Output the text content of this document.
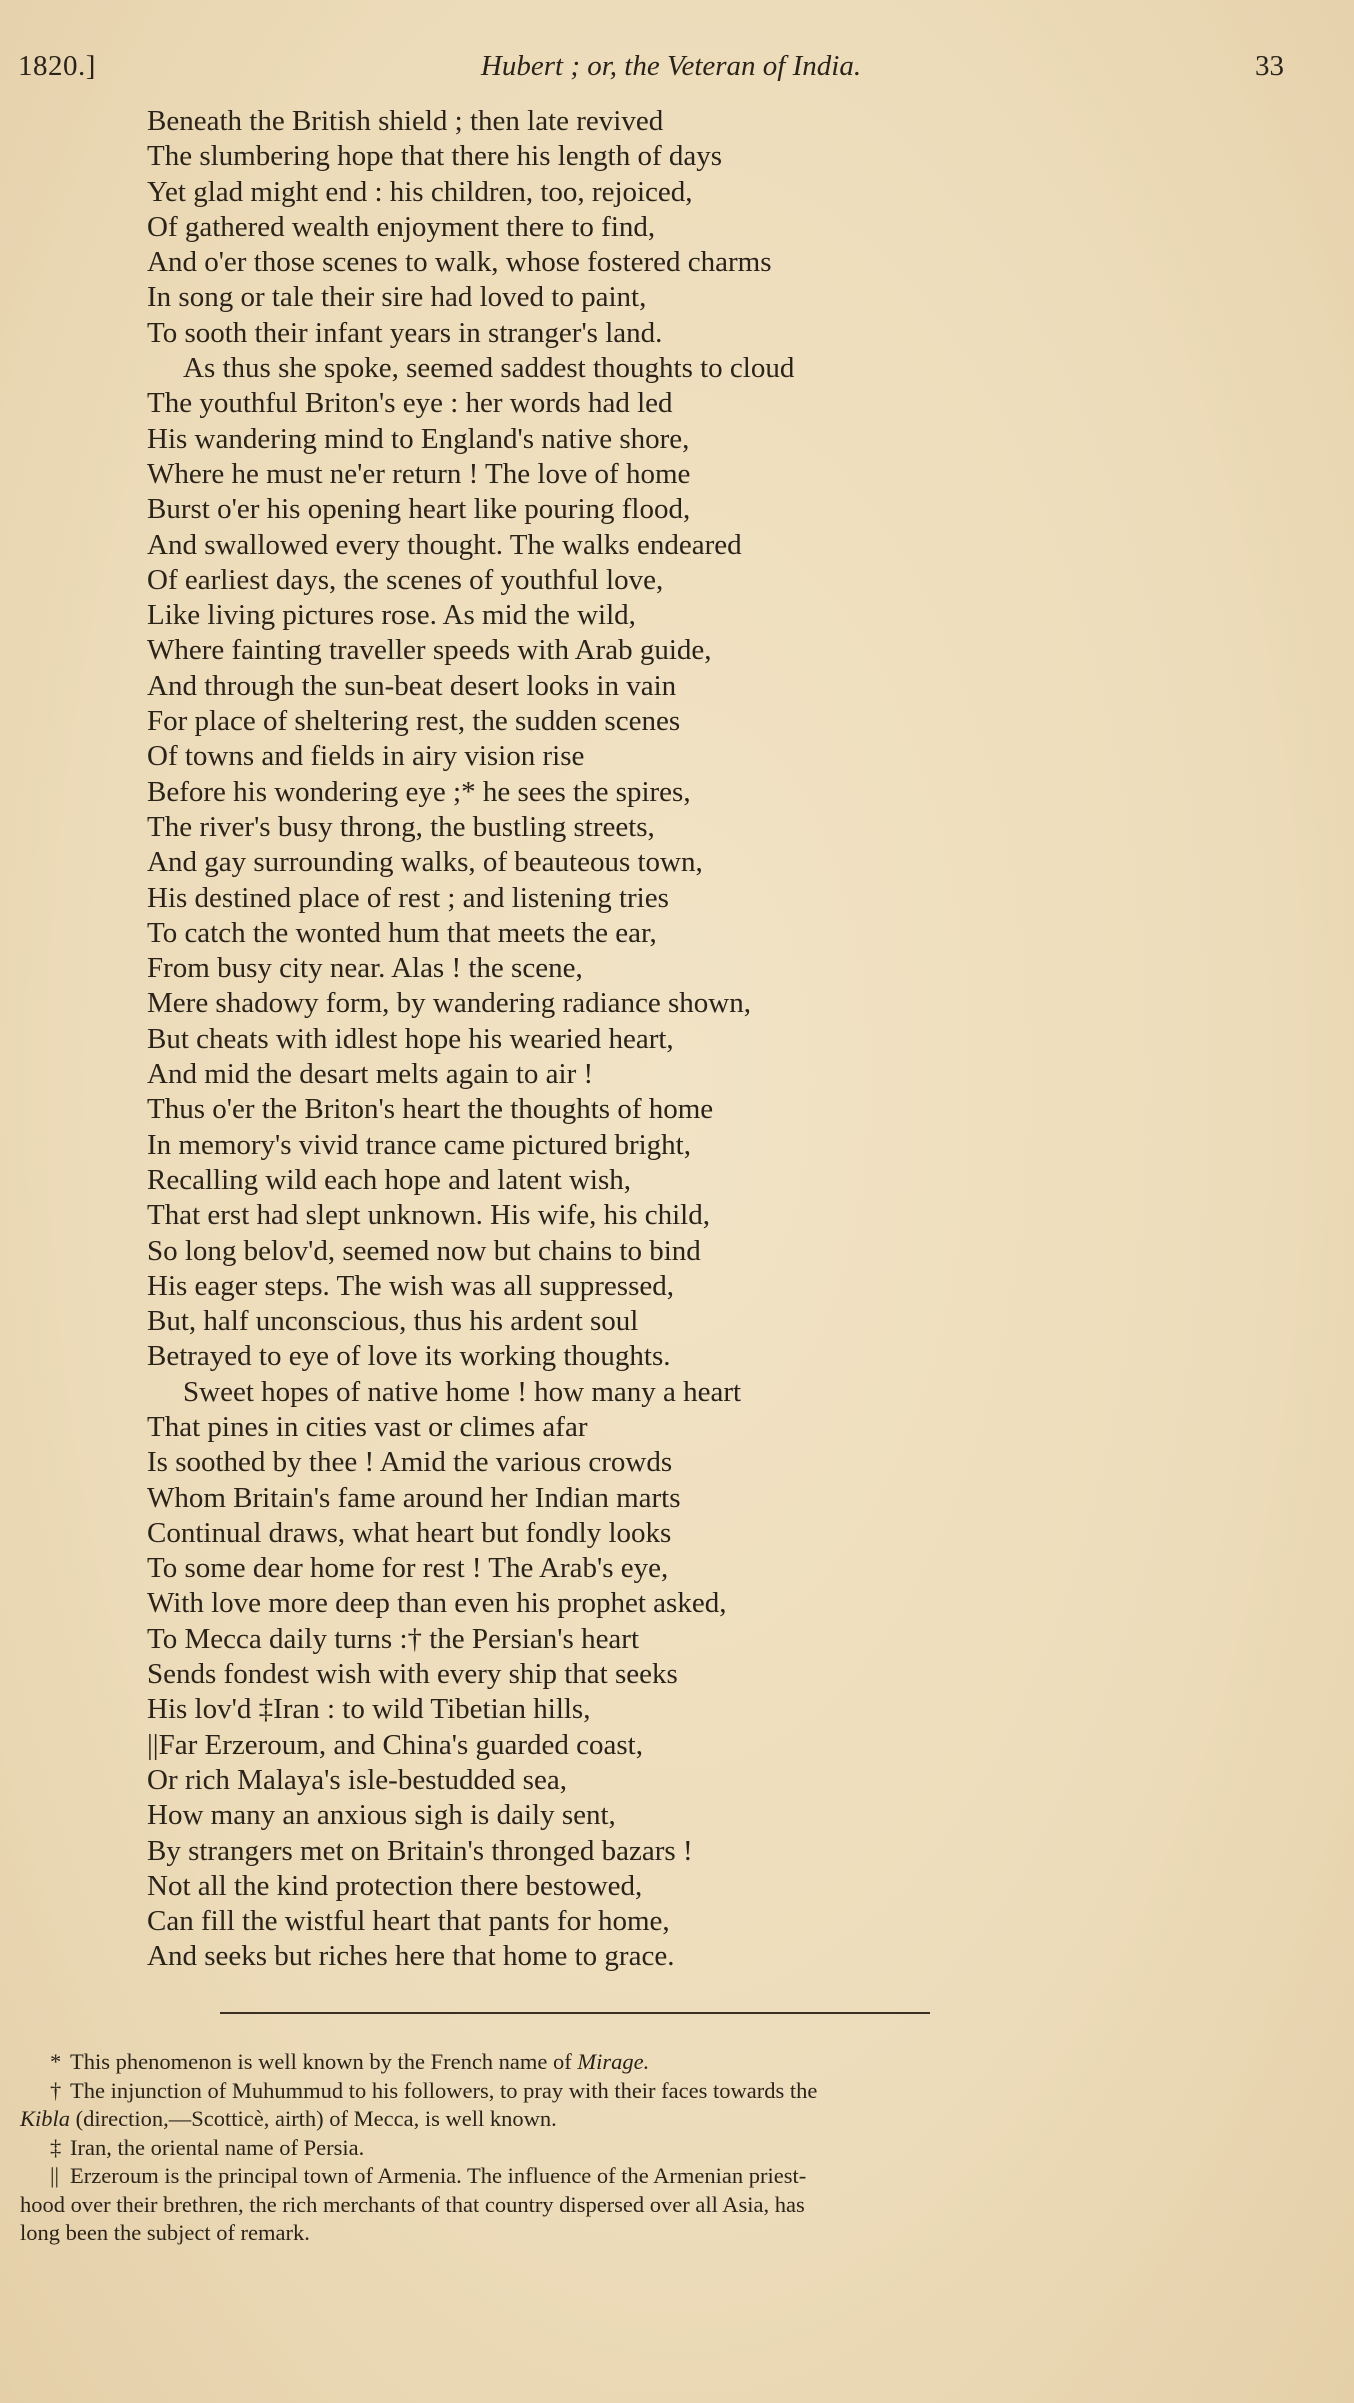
1820.]	Hubert ; or, the Veteran of India.	33
Beneath the British shield ; then late revived
The slumbering hope that there his length of days
Yet glad might end : his children, too, rejoiced,
Of gathered wealth enjoyment there to find,
And o'er those scenes to walk, whose fostered charms
In song or tale their sire had loved to paint,
To sooth their infant years in stranger's land.
As thus she spoke, seemed saddest thoughts to cloud
The youthful Briton's eye : her words had led
His wandering mind to England's native shore,
Where he must ne'er return ! The love of home
Burst o'er his opening heart like pouring flood,
And swallowed every thought. The walks endeared
Of earliest days, the scenes of youthful love,
Like living pictures rose. As mid the wild,
Where fainting traveller speeds with Arab guide,
And through the sun-beat desert looks in vain
For place of sheltering rest, the sudden scenes
Of towns and fields in airy vision rise
Before his wondering eye ;* he sees the spires,
The river's busy throng, the bustling streets,
And gay surrounding walks, of beauteous town,
His destined place of rest ; and listening tries
To catch the wonted hum that meets the ear,
From busy city near. Alas ! the scene,
Mere shadowy form, by wandering radiance shown,
But cheats with idlest hope his wearied heart,
And mid the desart melts again to air !
Thus o'er the Briton's heart the thoughts of home
In memory's vivid trance came pictured bright,
Recalling wild each hope and latent wish,
That erst had slept unknown. His wife, his child,
So long belov'd, seemed now but chains to bind
His eager steps. The wish was all suppressed,
But, half unconscious, thus his ardent soul
Betrayed to eye of love its working thoughts.
Sweet hopes of native home ! how many a heart
That pines in cities vast or climes afar
Is soothed by thee ! Amid the various crowds
Whom Britain's fame around her Indian marts
Continual draws, what heart but fondly looks
To some dear home for rest ! The Arab's eye,
With love more deep than even his prophet asked,
To Mecca daily turns :† the Persian's heart
Sends fondest wish with every ship that seeks
His lov'd ‡Iran : to wild Tibetian hills,
||Far Erzeroum, and China's guarded coast,
Or rich Malaya's isle-bestudded sea,
How many an anxious sigh is daily sent,
By strangers met on Britain's thronged bazars !
Not all the kind protection there bestowed,
Can fill the wistful heart that pants for home,
And seeks but riches here that home to grace.
* This phenomenon is well known by the French name of Mirage.
† The injunction of Muhummud to his followers, to pray with their faces towards the
Kibla (direction,—Scotticè, airth) of Mecca, is well known.
‡ Iran, the oriental name of Persia.
|| Erzeroum is the principal town of Armenia. The influence of the Armenian priest-
hood over their brethren, the rich merchants of that country dispersed over all Asia, has
long been the subject of remark.
